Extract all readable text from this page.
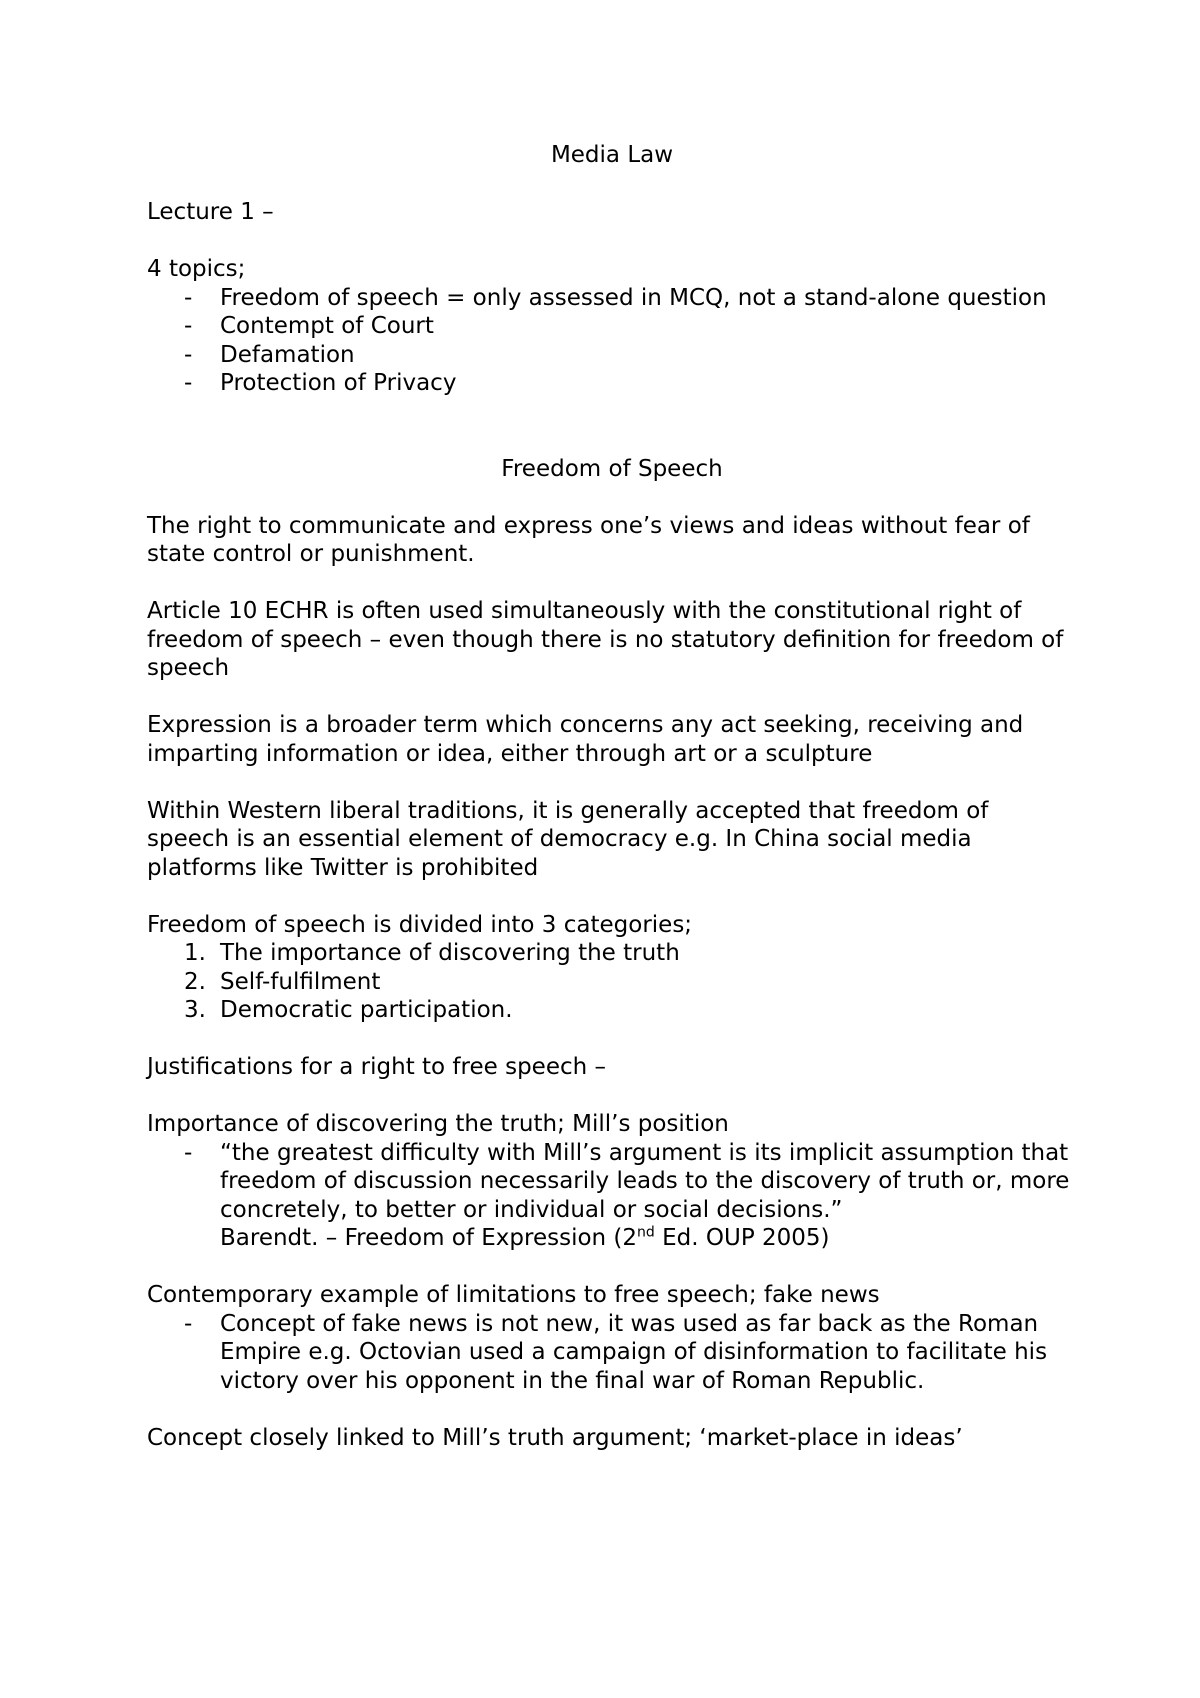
Media Law

Lecture 1 –

4 topics;

- Freedom of speech = only assessed in MCQ, not a stand-alone question
- Contempt of Court
- Defamation
- Protection of Privacy

Freedom of Speech

The right to communicate and express one’s views and ideas without fear of state control or punishment.

Article 10 ECHR is often used simultaneously with the constitutional right of freedom of speech – even though there is no statutory definition for freedom of speech

Expression is a broader term which concerns any act seeking, receiving and imparting information or idea, either through art or a sculpture

Within Western liberal traditions, it is generally accepted that freedom of speech is an essential element of democracy e.g. In China social media platforms like Twitter is prohibited

Freedom of speech is divided into 3 categories;

1. The importance of discovering the truth
2. Self-fulfilment
3. Democratic participation.

Justifications for a right to free speech –

Importance of discovering the truth; Mill’s position

- “the greatest difficulty with Mill’s argument is its implicit assumption that freedom of discussion necessarily leads to the discovery of truth or, more concretely, to better or individual or social decisions.”
Barendt. – Freedom of Expression (2nd Ed. OUP 2005)

Contemporary example of limitations to free speech; fake news

- Concept of fake news is not new, it was used as far back as the Roman Empire e.g. Octovian used a campaign of disinformation to facilitate his victory over his opponent in the final war of Roman Republic.

Concept closely linked to Mill’s truth argument; ‘market-place in ideas’
